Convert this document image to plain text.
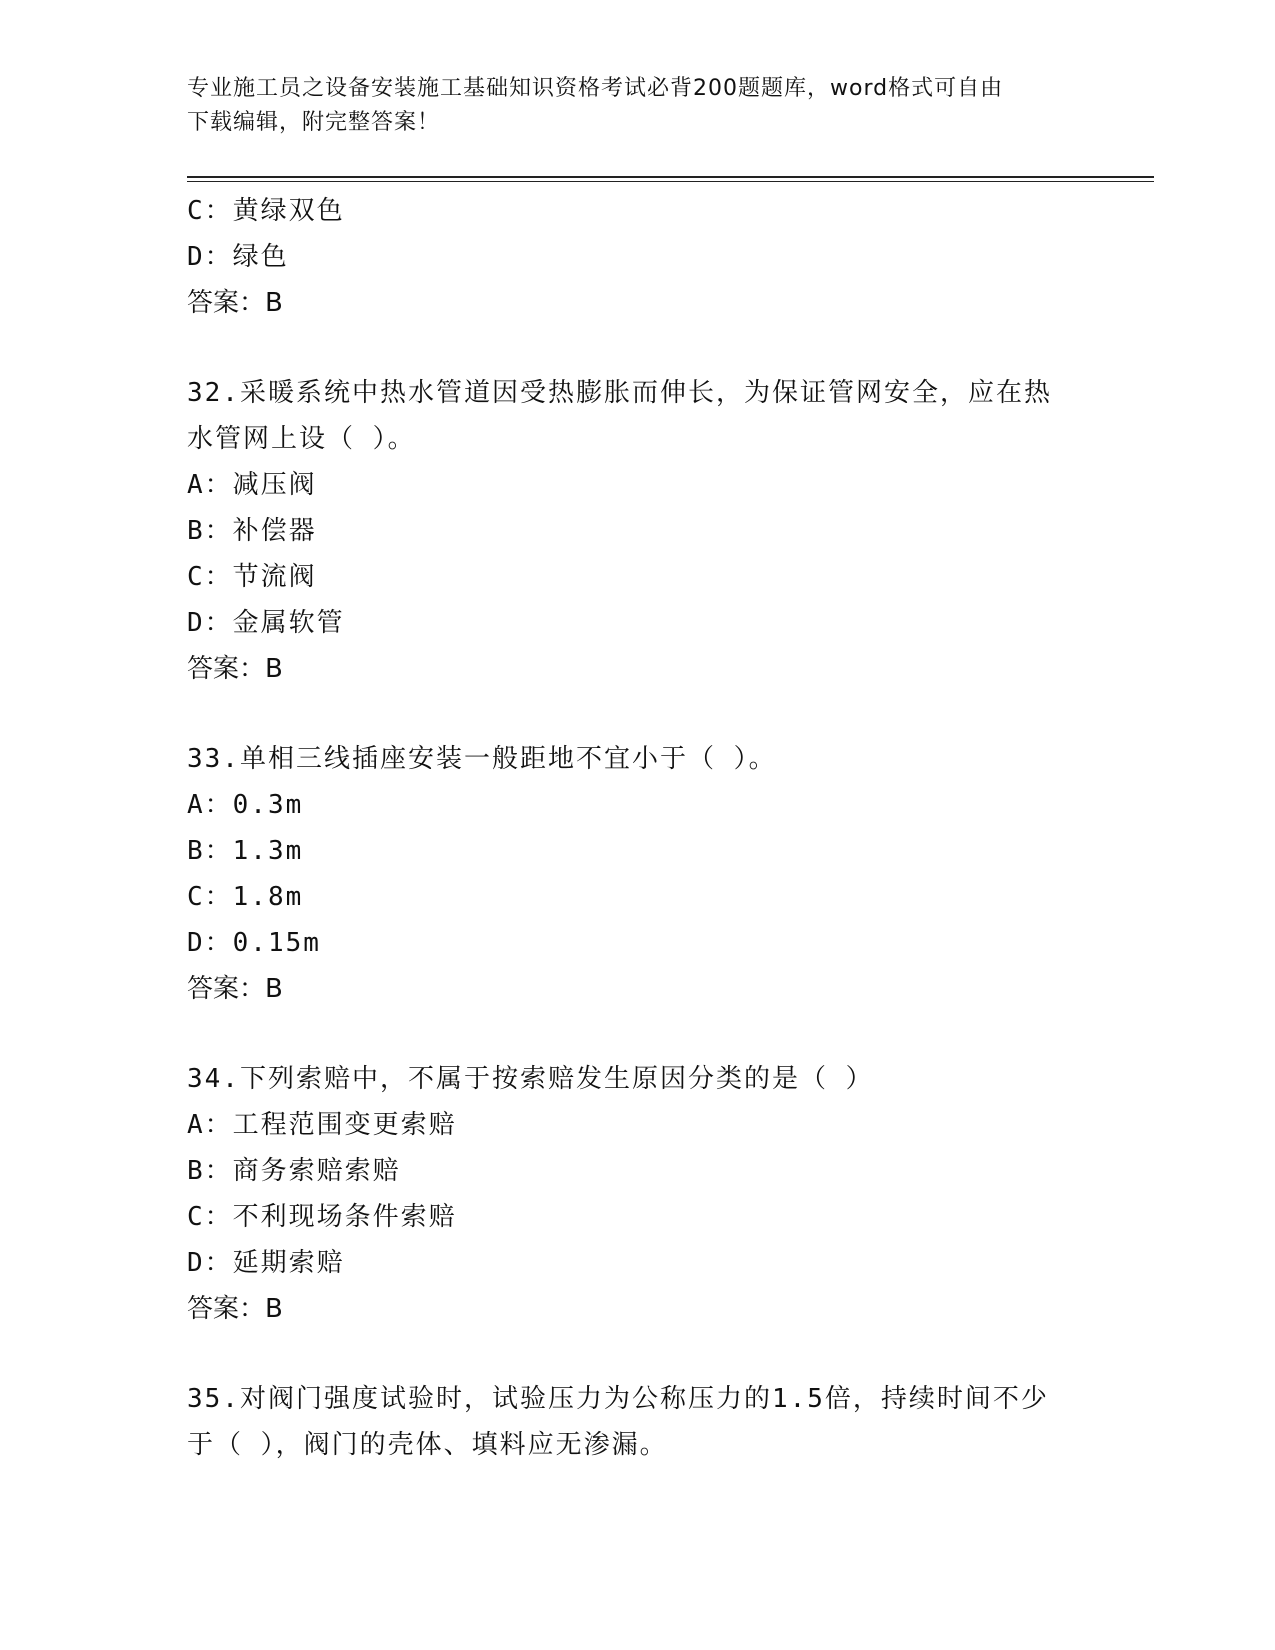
专业施工员之设备安装施工基础知识资格考试必背200题题库，word格式可自由
下载编辑，附完整答案！
C：黄绿双色
D：绿色
答案：B
32.采暖系统中热水管道因受热膨胀而伸长，为保证管网安全，应在热
水管网上设（ ）。
A：减压阀
B：补偿器
C：节流阀
D：金属软管
答案：B
33.单相三线插座安装一般距地不宜小于（ ）。
A：0.3m
B：1.3m
C：1.8m
D：0.15m
答案：B
34.下列索赔中，不属于按索赔发生原因分类的是（ ）
A：工程范围变更索赔
B：商务索赔索赔
C：不利现场条件索赔
D：延期索赔
答案：B
35.对阀门强度试验时，试验压力为公称压力的1.5倍，持续时间不少
于（ ），阀门的壳体、填料应无渗漏。
